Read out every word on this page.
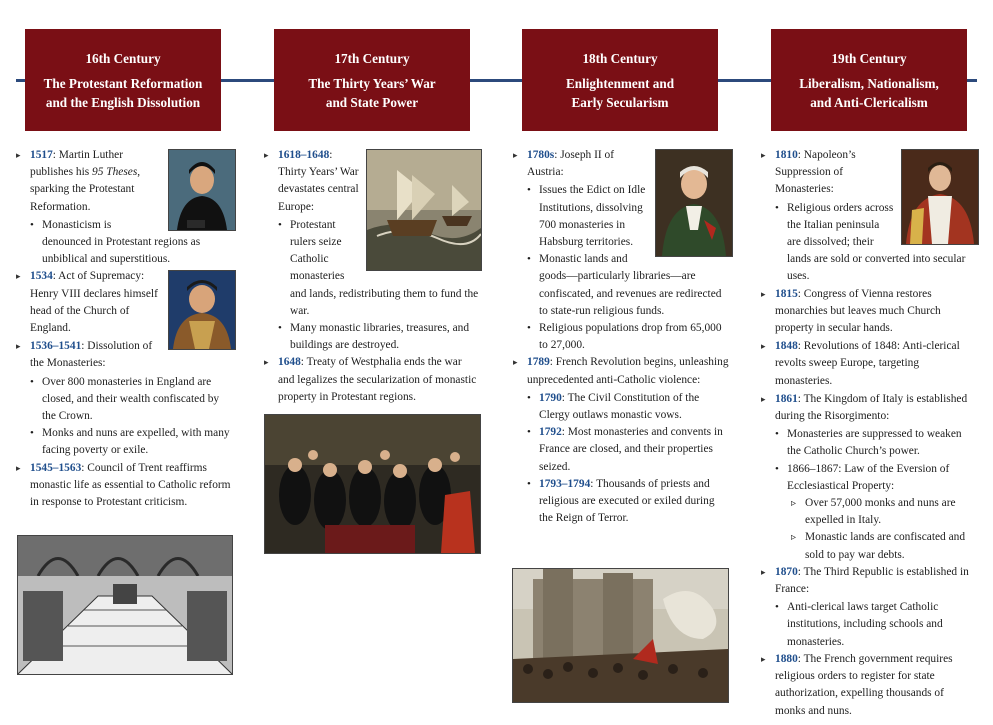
16th Century
The Protestant Reformation
and the English Dissolution
17th Century
The Thirty Years’ War
and State Power
18th Century
Enlightenment and
Early Secularism
19th Century
Liberalism, Nationalism,
and Anti-Clericalism
▸ 1517: Martin Luther publishes his 95 Theses, sparking the Protestant Reformation.
• Monasticism is denounced in Protestant regions as unbiblical and superstitious.
▸ 1534: Act of Supremacy: Henry VIII declares himself head of the Church of England.
▸ 1536–1541: Dissolution of the Monasteries:
• Over 800 monasteries in England are closed, and their wealth confiscated by the Crown.
• Monks and nuns are expelled, with many facing poverty or exile.
▸ 1545–1563: Council of Trent reaffirms monastic life as essential to Catholic reform in response to Protestant criticism.
▸ 1618–1648: Thirty Years’ War devastates central Europe:
• Protestant rulers seize Catholic monasteries and lands, redistributing them to fund the war.
• Many monastic libraries, treasures, and buildings are destroyed.
▸ 1648: Treaty of Westphalia ends the war and legalizes the secularization of monastic property in Protestant regions.
▸ 1780s: Joseph II of Austria:
• Issues the Edict on Idle Institutions, dissolving 700 monasteries in Habsburg territories.
• Monastic lands and goods—particularly libraries—are confiscated, and revenues are redirected to state-run religious funds.
• Religious populations drop from 65,000 to 27,000.
▸ 1789: French Revolution begins, unleashing unprecedented anti-Catholic violence:
• 1790: The Civil Constitution of the Clergy outlaws monastic vows.
• 1792: Most monasteries and convents in France are closed, and their properties seized.
• 1793–1794: Thousands of priests and religious are executed or exiled during the Reign of Terror.
▸ 1810: Napoleon’s Suppression of Monasteries:
• Religious orders across the Italian peninsula are dissolved; their lands are sold or converted into secular uses.
▸ 1815: Congress of Vienna restores monarchies but leaves much Church property in secular hands.
▸ 1848: Revolutions of 1848: Anti-clerical revolts sweep Europe, targeting monasteries.
▸ 1861: The Kingdom of Italy is established during the Risorgimento:
• Monasteries are suppressed to weaken the Catholic Church’s power.
• 1866–1867: Law of the Eversion of Ecclesiastical Property:
▹ Over 57,000 monks and nuns are expelled in Italy.
▹ Monastic lands are confiscated and sold to pay war debts.
▸ 1870: The Third Republic is established in France:
• Anti-clerical laws target Catholic institutions, including schools and monasteries.
▸ 1880: The French government requires religious orders to register for state authorization, expelling thousands of monks and nuns.
